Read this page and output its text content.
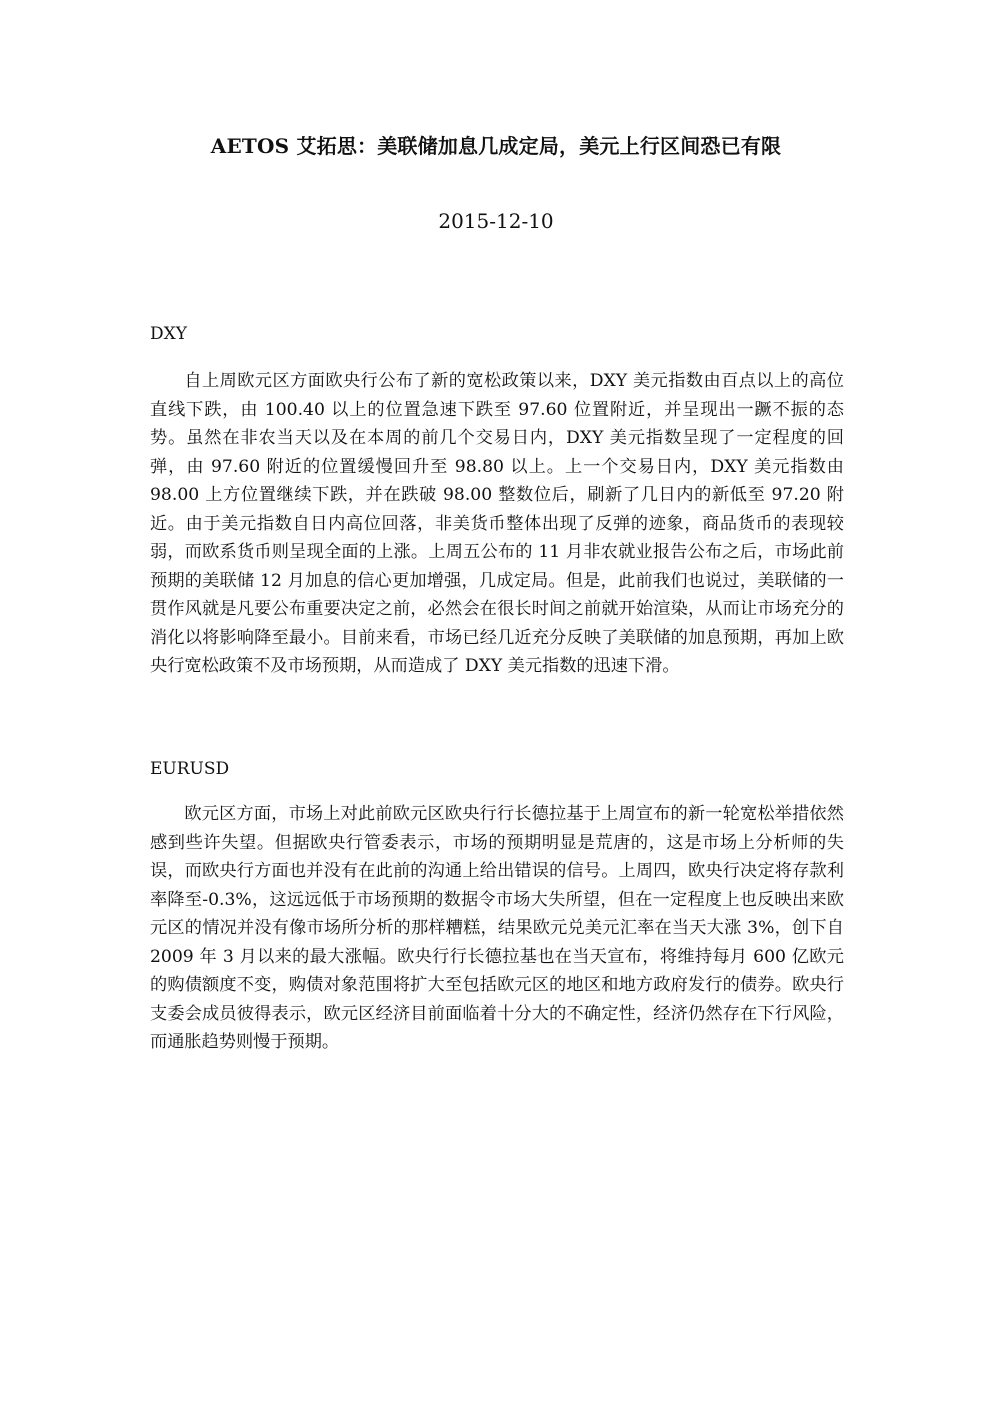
AETOS 艾拓思：美联储加息几成定局，美元上行区间恐已有限
2015-12-10
DXY

自上周欧元区方面欧央行公布了新的宽松政策以来，DXY 美元指数由百点以上的高位直线下跌，由 100.40 以上的位置急速下跌至 97.60 位置附近，并呈现出一蹶不振的态势。虽然在非农当天以及在本周的前几个交易日内，DXY 美元指数呈现了一定程度的回弹，由 97.60 附近的位置缓慢回升至 98.80 以上。上一个交易日内，DXY 美元指数由 98.00 上方位置继续下跌，并在跌破 98.00 整数位后，刷新了几日内的新低至 97.20 附近。由于美元指数自日内高位回落，非美货币整体出现了反弹的迹象，商品货币的表现较弱，而欧系货币则呈现全面的上涨。上周五公布的 11 月非农就业报告公布之后，市场此前预期的美联储 12 月加息的信心更加增强，几成定局。但是，此前我们也说过，美联储的一贯作风就是凡要公布重要决定之前，必然会在很长时间之前就开始渲染，从而让市场充分的消化以将影响降至最小。目前来看，市场已经几近充分反映了美联储的加息预期，再加上欧央行宽松政策不及市场预期，从而造成了 DXY 美元指数的迅速下滑。

EURUSD

欧元区方面，市场上对此前欧元区欧央行行长德拉基于上周宣布的新一轮宽松举措依然感到些许失望。但据欧央行管委表示，市场的预期明显是荒唐的，这是市场上分析师的失误，而欧央行方面也并没有在此前的沟通上给出错误的信号。上周四，欧央行决定将存款利率降至-0.3%，这远远低于市场预期的数据令市场大失所望，但在一定程度上也反映出来欧元区的情况并没有像市场所分析的那样糟糕，结果欧元兑美元汇率在当天大涨 3%，创下自 2009 年 3 月以来的最大涨幅。欧央行行长德拉基也在当天宣布，将维持每月 600 亿欧元的购债额度不变，购债对象范围将扩大至包括欧元区的地区和地方政府发行的债券。欧央行支委会成员彼得表示，欧元区经济目前面临着十分大的不确定性，经济仍然存在下行风险，而通胀趋势则慢于预期。
